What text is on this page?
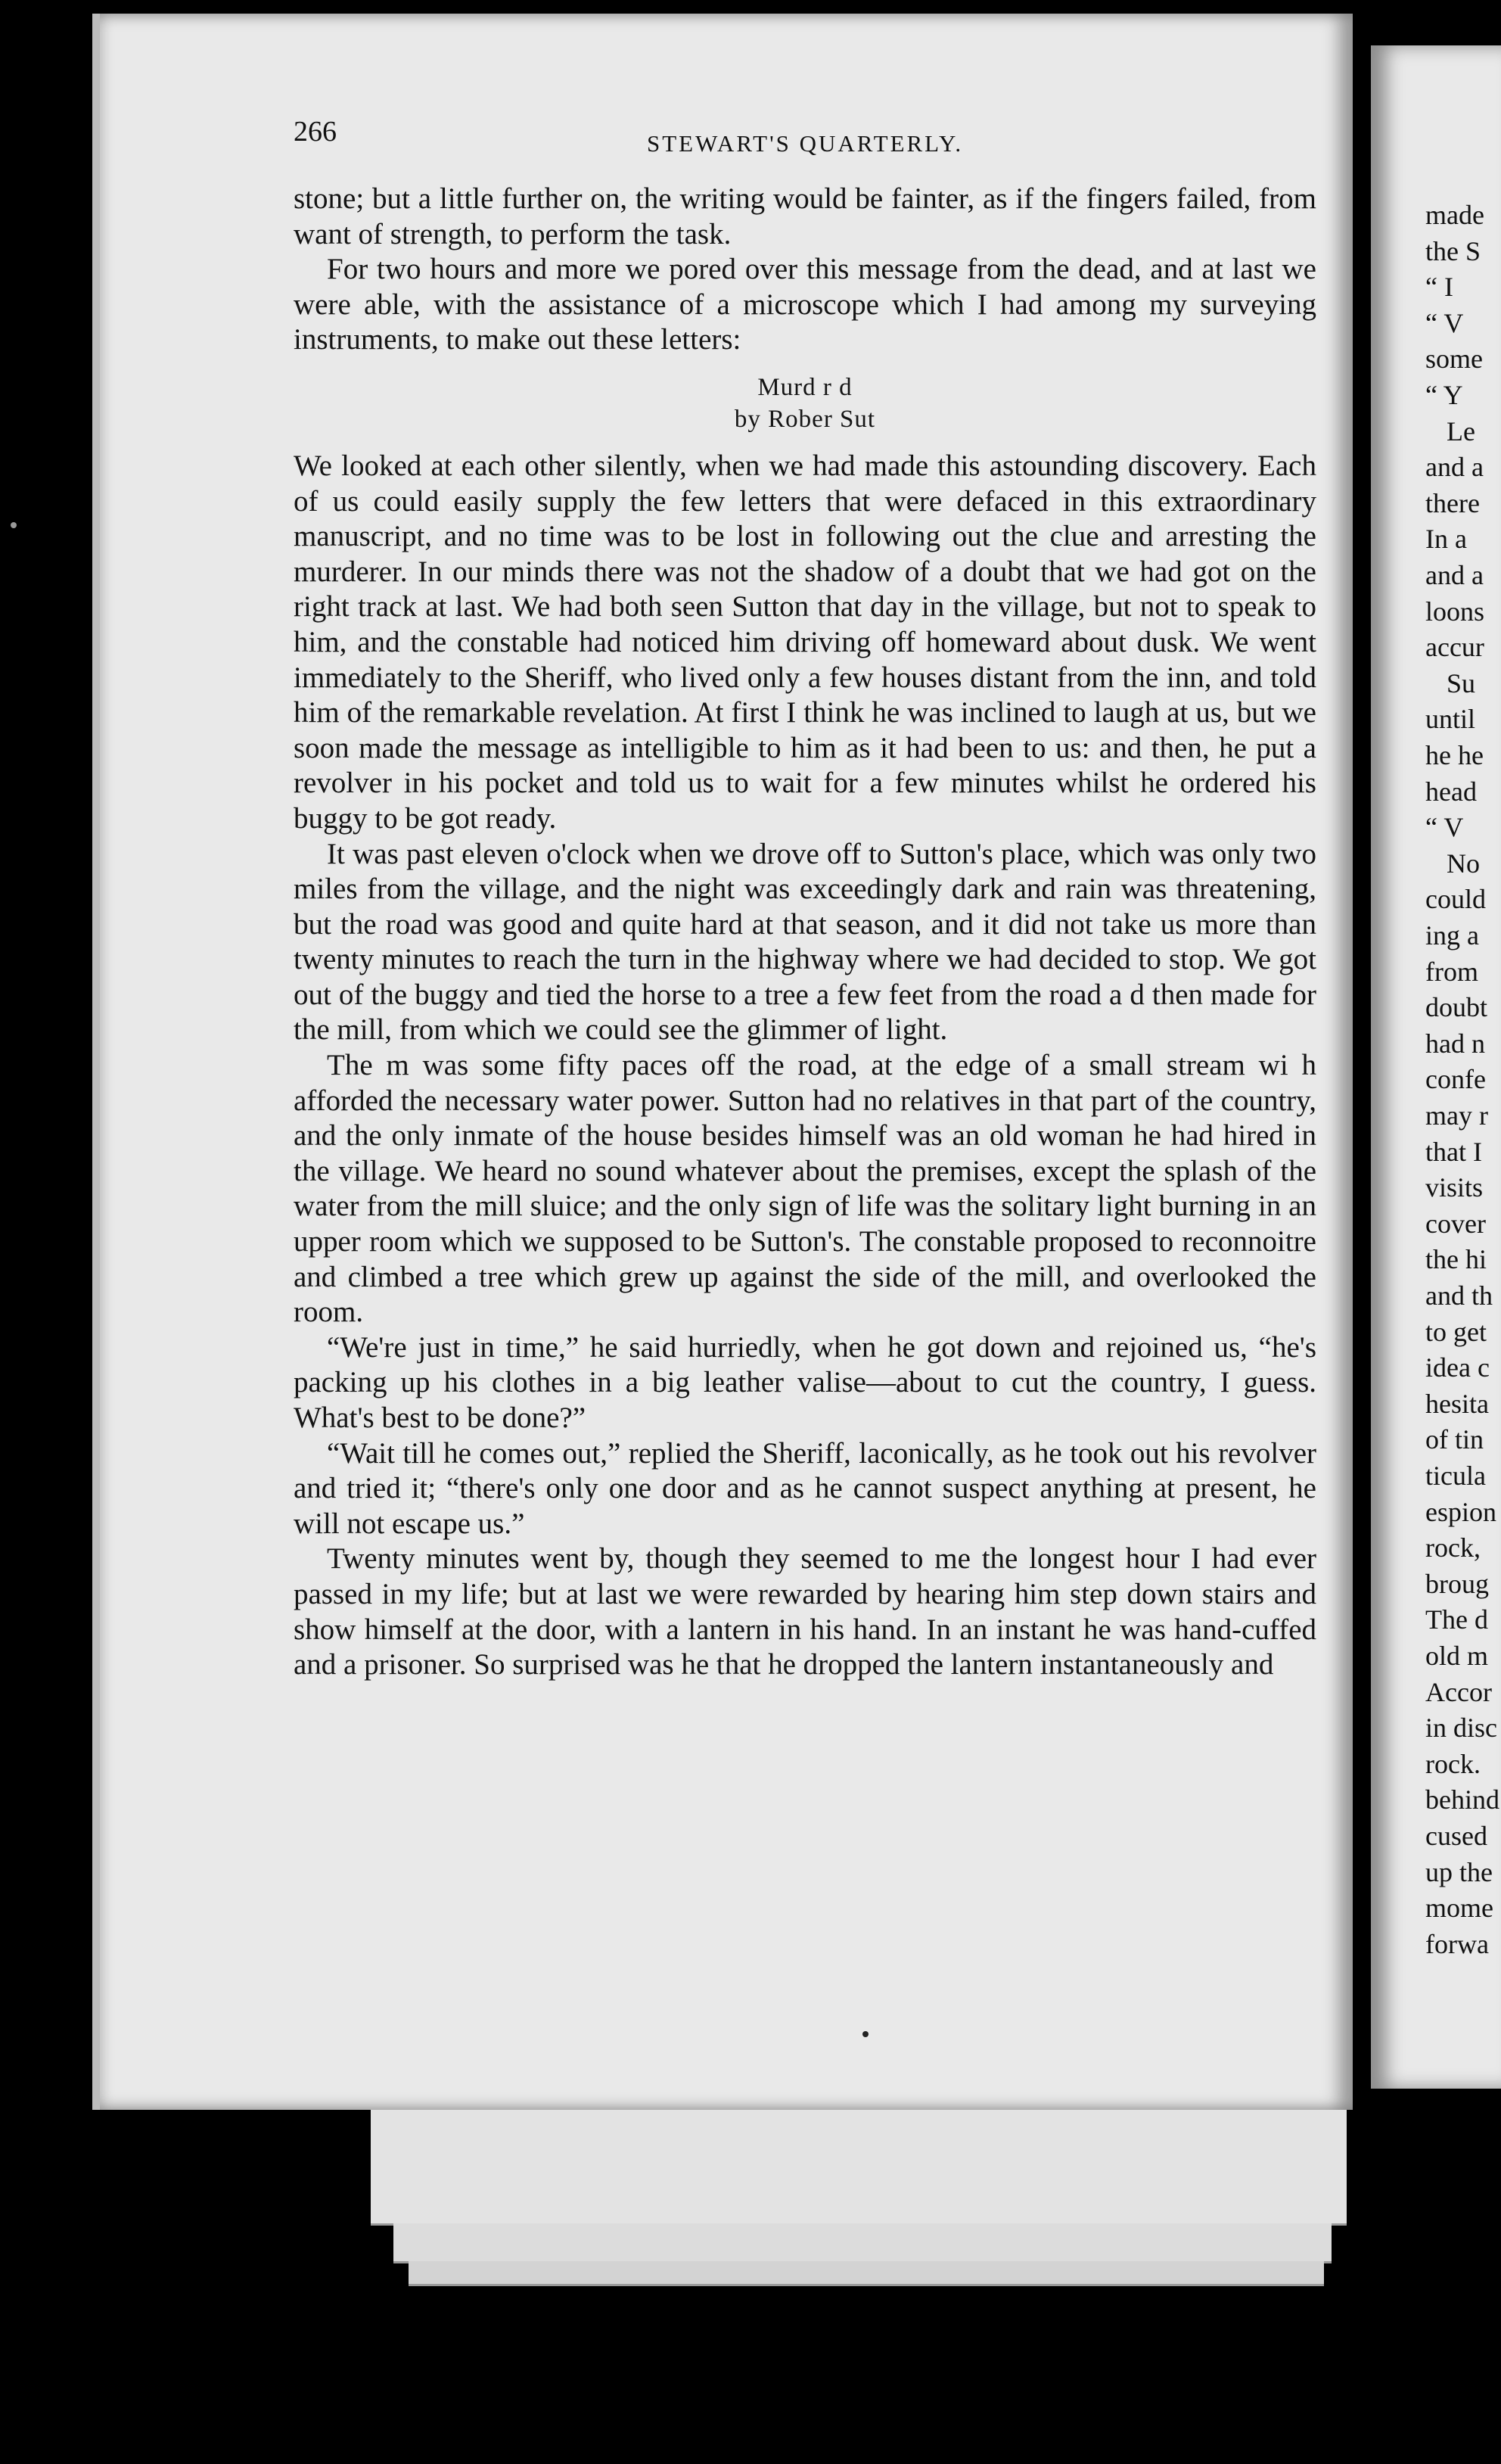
266	STEWART'S QUARTERLY.

stone; but a little further on, the writing would be fainter, as if the fingers failed, from want of strength, to perform the task.

For two hours and more we pored over this message from the dead, and at last we were able, with the assistance of a microscope which I had among my surveying instruments, to make out these letters:

Murd r d
by Rober Sut

We looked at each other silently, when we had made this astounding discovery. Each of us could easily supply the few letters that were defaced in this extraordinary manuscript, and no time was to be lost in following out the clue and arresting the murderer. In our minds there was not the shadow of a doubt that we had got on the right track at last. We had both seen Sutton that day in the village, but not to speak to him, and the constable had noticed him driving off homeward about dusk. We went immediately to the Sheriff, who lived only a few houses distant from the inn, and told him of the remarkable revelation. At first I think he was inclined to laugh at us, but we soon made the message as intelligible to him as it had been to us: and then, he put a revolver in his pocket and told us to wait for a few minutes whilst he ordered his buggy to be got ready.

It was past eleven o'clock when we drove off to Sutton's place, which was only two miles from the village, and the night was exceedingly dark and rain was threatening, but the road was good and quite hard at that season, and it did not take us more than twenty minutes to reach the turn in the highway where we had decided to stop. We got out of the buggy and tied the horse to a tree a few feet from the road a d then made for the mill, from which we could see the glimmer of light.

The m was some fifty paces off the road, at the edge of a small stream wi h afforded the necessary water power. Sutton had no relatives in that part of the country, and the only inmate of the house besides himself was an old woman he had hired in the village. We heard no sound whatever about the premises, except the splash of the water from the mill sluice; and the only sign of life was the solitary light burning in an upper room which we supposed to be Sutton's. The constable proposed to reconnoitre and climbed a tree which grew up against the side of the mill, and overlooked the room.

“We're just in time,” he said hurriedly, when he got down and rejoined us, “he's packing up his clothes in a big leather valise—about to cut the country, I guess. What's best to be done?”

“Wait till he comes out,” replied the Sheriff, laconically, as he took out his revolver and tried it; “there's only one door and as he cannot suspect anything at present, he will not escape us.”

Twenty minutes went by, though they seemed to me the longest hour I had ever passed in my life; but at last we were rewarded by hearing him step down stairs and show himself at the door, with a lantern in his hand. In an instant he was hand-cuffed and a prisoner. So surprised was he that he dropped the lantern instantaneously and

made
the S
“ I
“ V
some
“ Y
Le
and a
there
In a
and a
loons
accur
Su
until
he he
head
“ V
No
could
ing a
from
doubt
had n
confe
may r
that I
visits
cover
the hi
and th
to get
idea c
hesita
of tin
ticula
espion
rock,
broug
The d
old m
Accor
in disc
rock.
behind
cused
up the
mome
forwa
